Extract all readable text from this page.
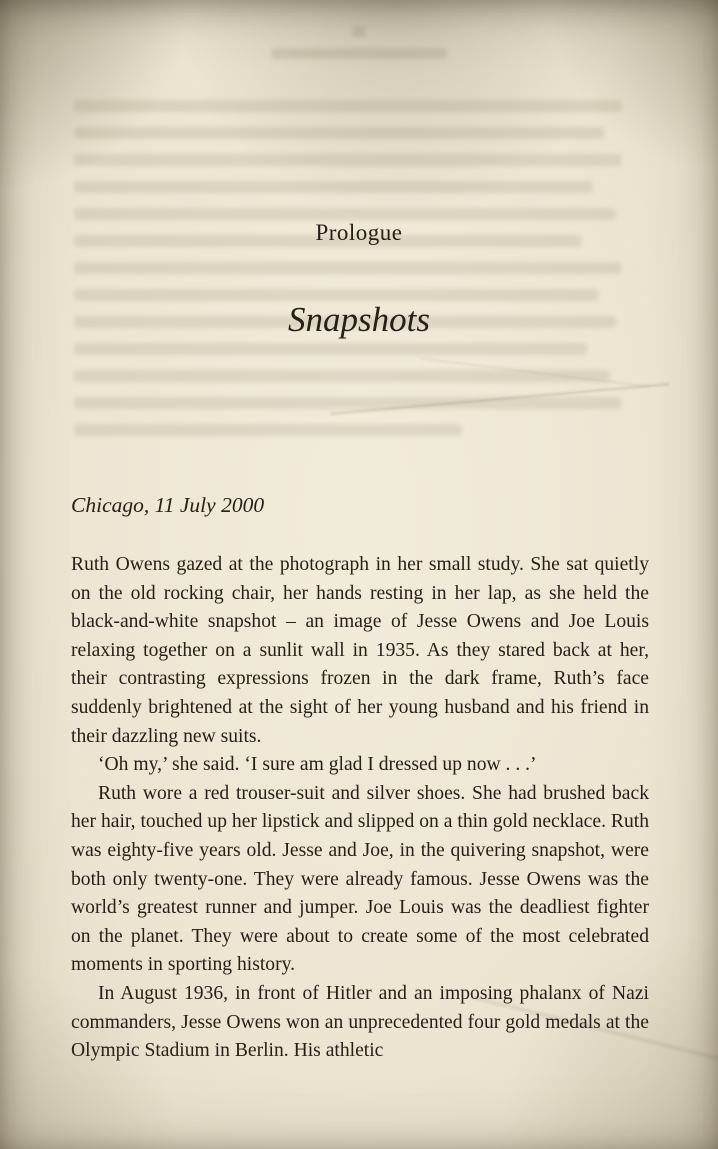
Prologue
Snapshots

Chicago, 11 July 2000

Ruth Owens gazed at the photograph in her small study. She sat quietly on the old rocking chair, her hands resting in her lap, as she held the black-and-white snapshot – an image of Jesse Owens and Joe Louis relaxing together on a sunlit wall in 1935. As they stared back at her, their contrasting expressions frozen in the dark frame, Ruth’s face suddenly brightened at the sight of her young husband and his friend in their dazzling new suits.

‘Oh my,’ she said. ‘I sure am glad I dressed up now . . .’

Ruth wore a red trouser-suit and silver shoes. She had brushed back her hair, touched up her lipstick and slipped on a thin gold necklace. Ruth was eighty-five years old. Jesse and Joe, in the quivering snapshot, were both only twenty-one. They were already famous. Jesse Owens was the world’s greatest runner and jumper. Joe Louis was the deadliest fighter on the planet. They were about to create some of the most celebrated moments in sporting history.

In August 1936, in front of Hitler and an imposing phalanx of Nazi commanders, Jesse Owens won an unprecedented four gold medals at the Olympic Stadium in Berlin. His athletic
